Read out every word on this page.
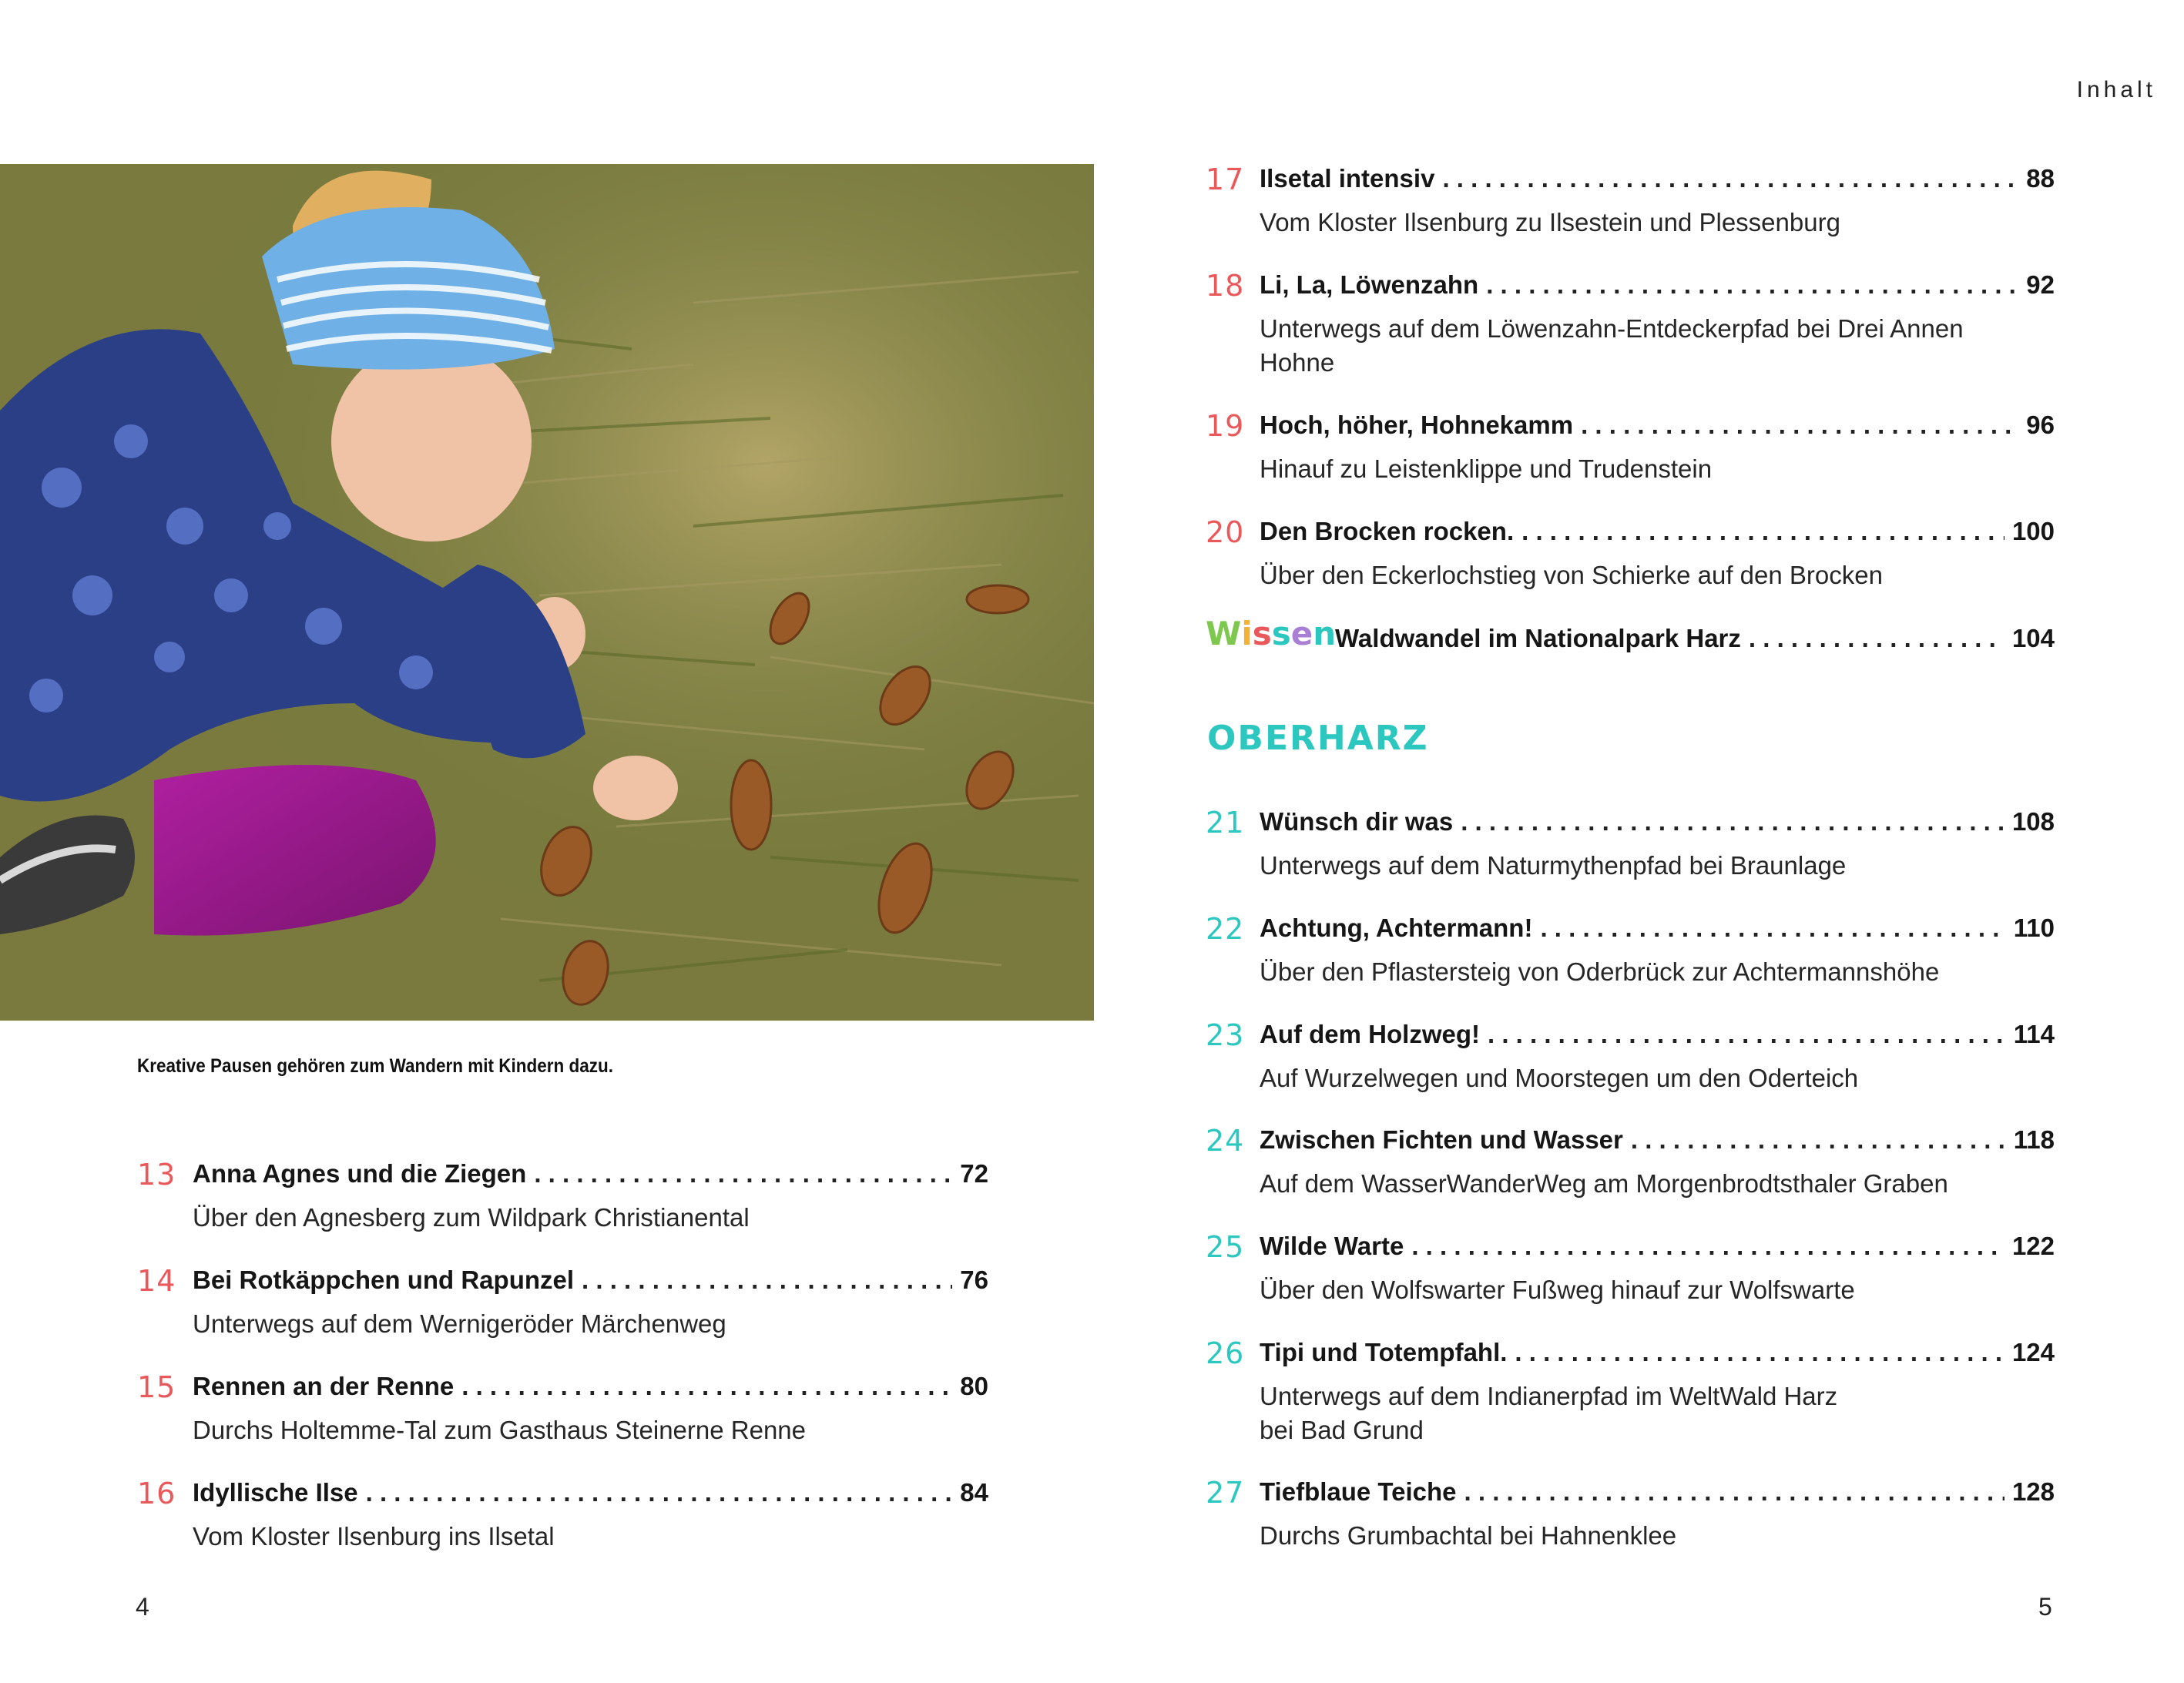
Inhalt
Kreative Pausen gehören zum Wandern mit Kindern dazu.
13 Anna Agnes und die Ziegen . . .	72
Über den Agnesberg zum Wildpark Christianental
14 Bei Rotkäppchen und Rapunzel . . .	76
Unterwegs auf dem Wernigeröder Märchenweg
15 Rennen an der Renne . . .	80
Durchs Holtemme-Tal zum Gasthaus Steinerne Renne
16 Idyllische Ilse . . .	84
Vom Kloster Ilsenburg ins Ilsetal
17 Ilsetal intensiv . . .	88
Vom Kloster Ilsenburg zu Ilsestein und Plessenburg
18 Li, La, Löwenzahn . . .	92
Unterwegs auf dem Löwenzahn-Entdeckerpfad bei Drei Annen
Hohne
19 Hoch, höher, Hohnekamm . . .	96
Hinauf zu Leistenklippe und Trudenstein
20 Den Brocken rocken. . . .	100
Über den Eckerlochstieg von Schierke auf den Brocken
Wissen
Waldwandel im Nationalpark Harz . . .	104
OBERHARZ
21 Wünsch dir was . . .	108
Unterwegs auf dem Naturmythenpfad bei Braunlage
22 Achtung, Achtermann! . . .	110
Über den Pflastersteig von Oderbrück zur Achtermannshöhe
23 Auf dem Holzweg! . . .	114
Auf Wurzelwegen und Moorstegen um den Oderteich
24 Zwischen Fichten und Wasser . . .	118
Auf dem WasserWanderWeg am Morgenbrodtsthaler Graben
25 Wilde Warte . . .	122
Über den Wolfswarter Fußweg hinauf zur Wolfswarte
26 Tipi und Totempfahl. . . .	124
Unterwegs auf dem Indianerpfad im WeltWald Harz
bei Bad Grund
27 Tiefblaue Teiche . . .	128
Durchs Grumbachtal bei Hahnenklee
4	5
